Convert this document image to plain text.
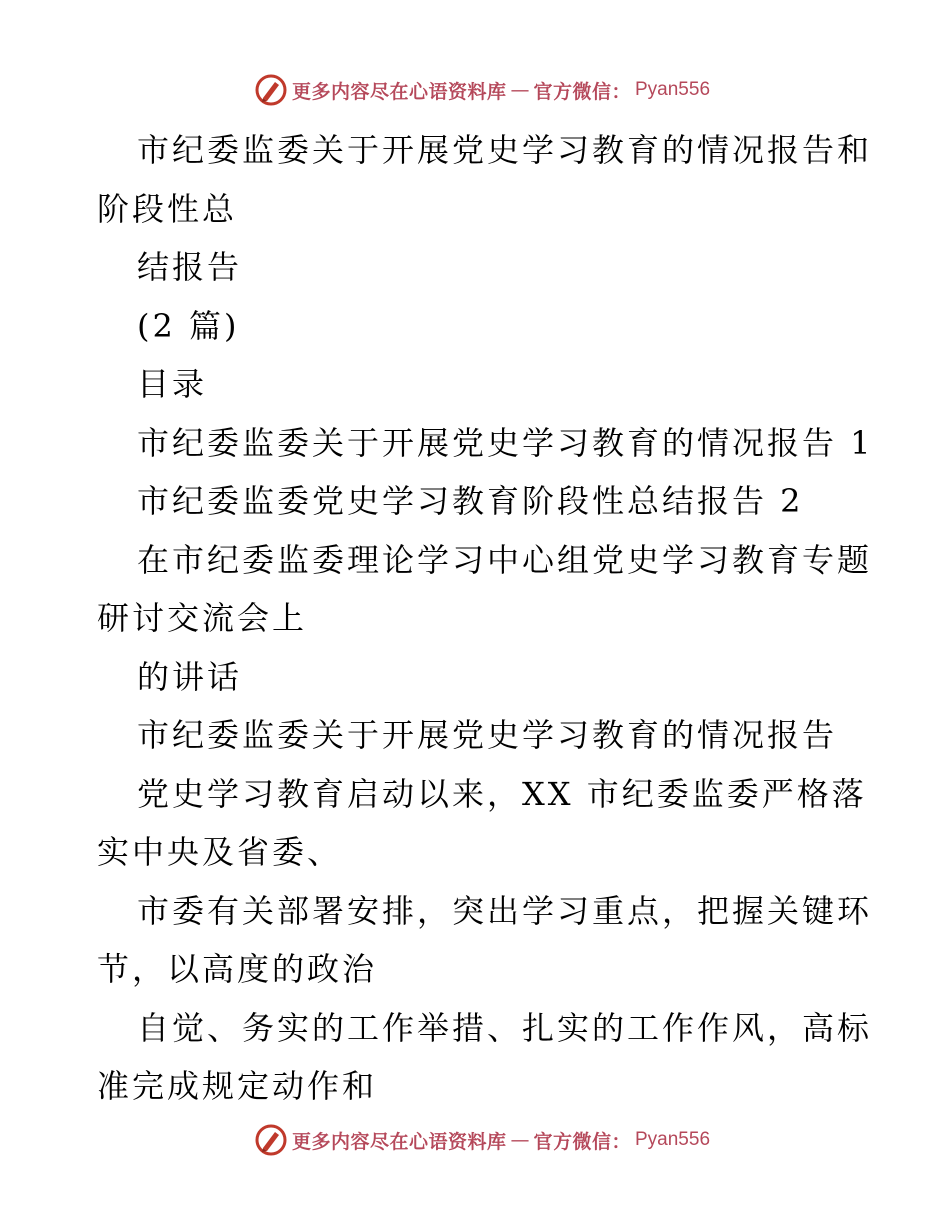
更多内容尽在心语资料库 — 官方微信： Pyan556
市纪委监委关于开展党史学习教育的情况报告和
阶段性总
结报告
(2 篇)
目录
市纪委监委关于开展党史学习教育的情况报告 1
市纪委监委党史学习教育阶段性总结报告 2
在市纪委监委理论学习中心组党史学习教育专题
研讨交流会上
的讲话
市纪委监委关于开展党史学习教育的情况报告
党史学习教育启动以来，XX 市纪委监委严格落
实中央及省委、
市委有关部署安排，突出学习重点，把握关键环
节，以高度的政治
自觉、务实的工作举措、扎实的工作作风，高标
准完成规定动作和
更多内容尽在心语资料库 — 官方微信： Pyan556
